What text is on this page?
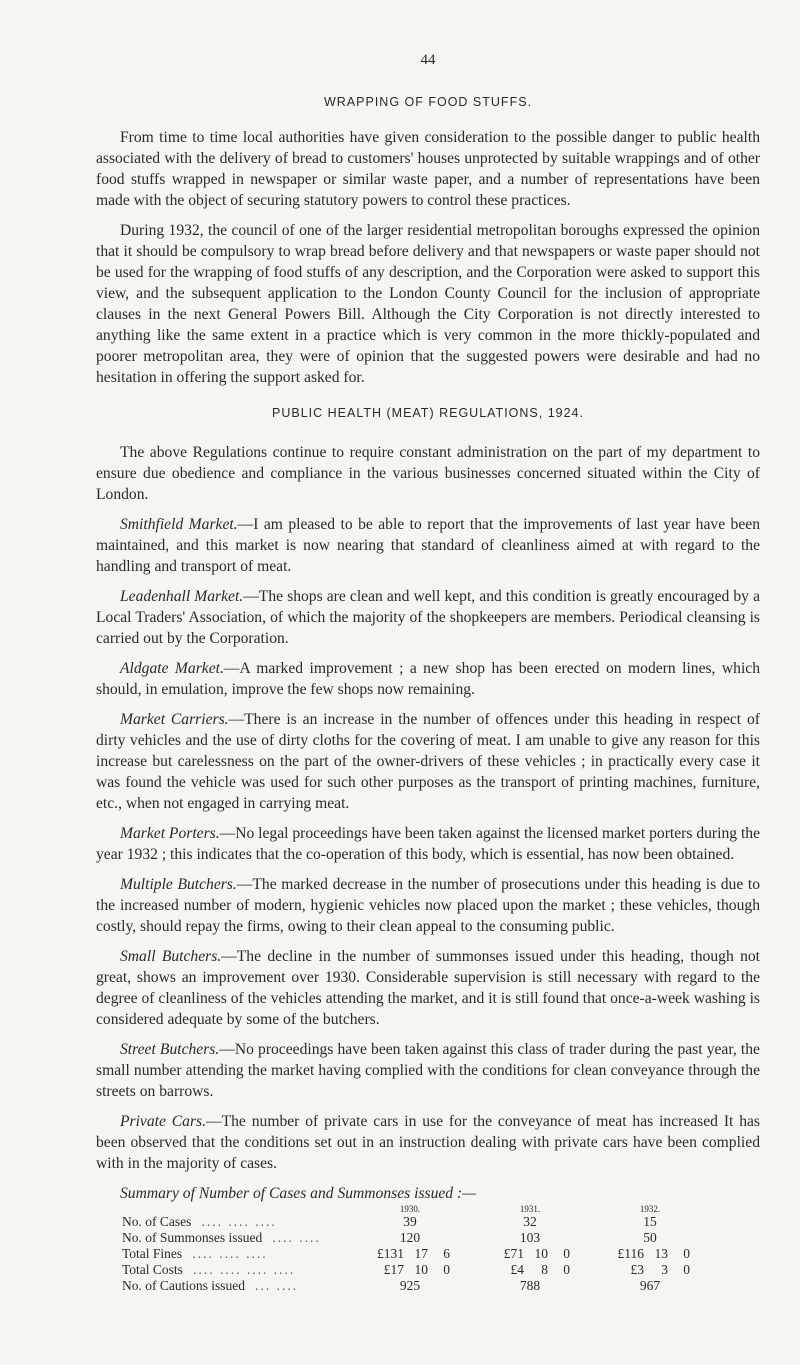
44
WRAPPING OF FOOD STUFFS.

From time to time local authorities have given consideration to the possible danger to public health associated with the delivery of bread to customers' houses unprotected by suitable wrappings and of other food stuffs wrapped in newspaper or similar waste paper, and a number of representations have been made with the object of securing statutory powers to control these practices.

During 1932, the council of one of the larger residential metropolitan boroughs expressed the opinion that it should be compulsory to wrap bread before delivery and that newspapers or waste paper should not be used for the wrapping of food stuffs of any description, and the Corporation were asked to support this view, and the subsequent application to the London County Council for the inclusion of appropriate clauses in the next General Powers Bill. Although the City Corporation is not directly interested to anything like the same extent in a practice which is very common in the more thickly-populated and poorer metropolitan area, they were of opinion that the suggested powers were desirable and had no hesitation in offering the support asked for.

PUBLIC HEALTH (MEAT) REGULATIONS, 1924.

The above Regulations continue to require constant administration on the part of my department to ensure due obedience and compliance in the various businesses concerned situated within the City of London.

Smithfield Market.—I am pleased to be able to report that the improvements of last year have been maintained, and this market is now nearing that standard of cleanliness aimed at with regard to the handling and transport of meat.

Leadenhall Market.—The shops are clean and well kept, and this condition is greatly encouraged by a Local Traders' Association, of which the majority of the shopkeepers are members. Periodical cleansing is carried out by the Corporation.

Aldgate Market.—A marked improvement ; a new shop has been erected on modern lines, which should, in emulation, improve the few shops now remaining.

Market Carriers.—There is an increase in the number of offences under this heading in respect of dirty vehicles and the use of dirty cloths for the covering of meat. I am unable to give any reason for this increase but carelessness on the part of the owner-drivers of these vehicles ; in practically every case it was found the vehicle was used for such other purposes as the transport of printing machines, furniture, etc., when not engaged in carrying meat.

Market Porters.—No legal proceedings have been taken against the licensed market porters during the year 1932 ; this indicates that the co-operation of this body, which is essential, has now been obtained.

Multiple Butchers.—The marked decrease in the number of prosecutions under this heading is due to the increased number of modern, hygienic vehicles now placed upon the market ; these vehicles, though costly, should repay the firms, owing to their clean appeal to the consuming public.

Small Butchers.—The decline in the number of summonses issued under this heading, though not great, shows an improvement over 1930. Considerable supervision is still necessary with regard to the degree of cleanliness of the vehicles attending the market, and it is still found that once-a-week washing is considered adequate by some of the butchers.

Street Butchers.—No proceedings have been taken against this class of trader during the past year, the small number attending the market having complied with the conditions for clean conveyance through the streets on barrows.

Private Cars.—The number of private cars in use for the conveyance of meat has increased It has been observed that the conditions set out in an instruction dealing with private cars have been complied with in the majority of cases.

Summary of Number of Cases and Summonses issued :—
	1930.	1931.	1932.
No. of Cases .... .... ....	39	32	15
No. of Summonses issued .... ....	120	103	50
Total Fines .... .... ....	£131 17 6	£71 10 0	£116 13 0
Total Costs .... .... .... ....	£17 10 0	£4 8 0	£3 3 0
No. of Cautions issued ... ....	925	788	967
